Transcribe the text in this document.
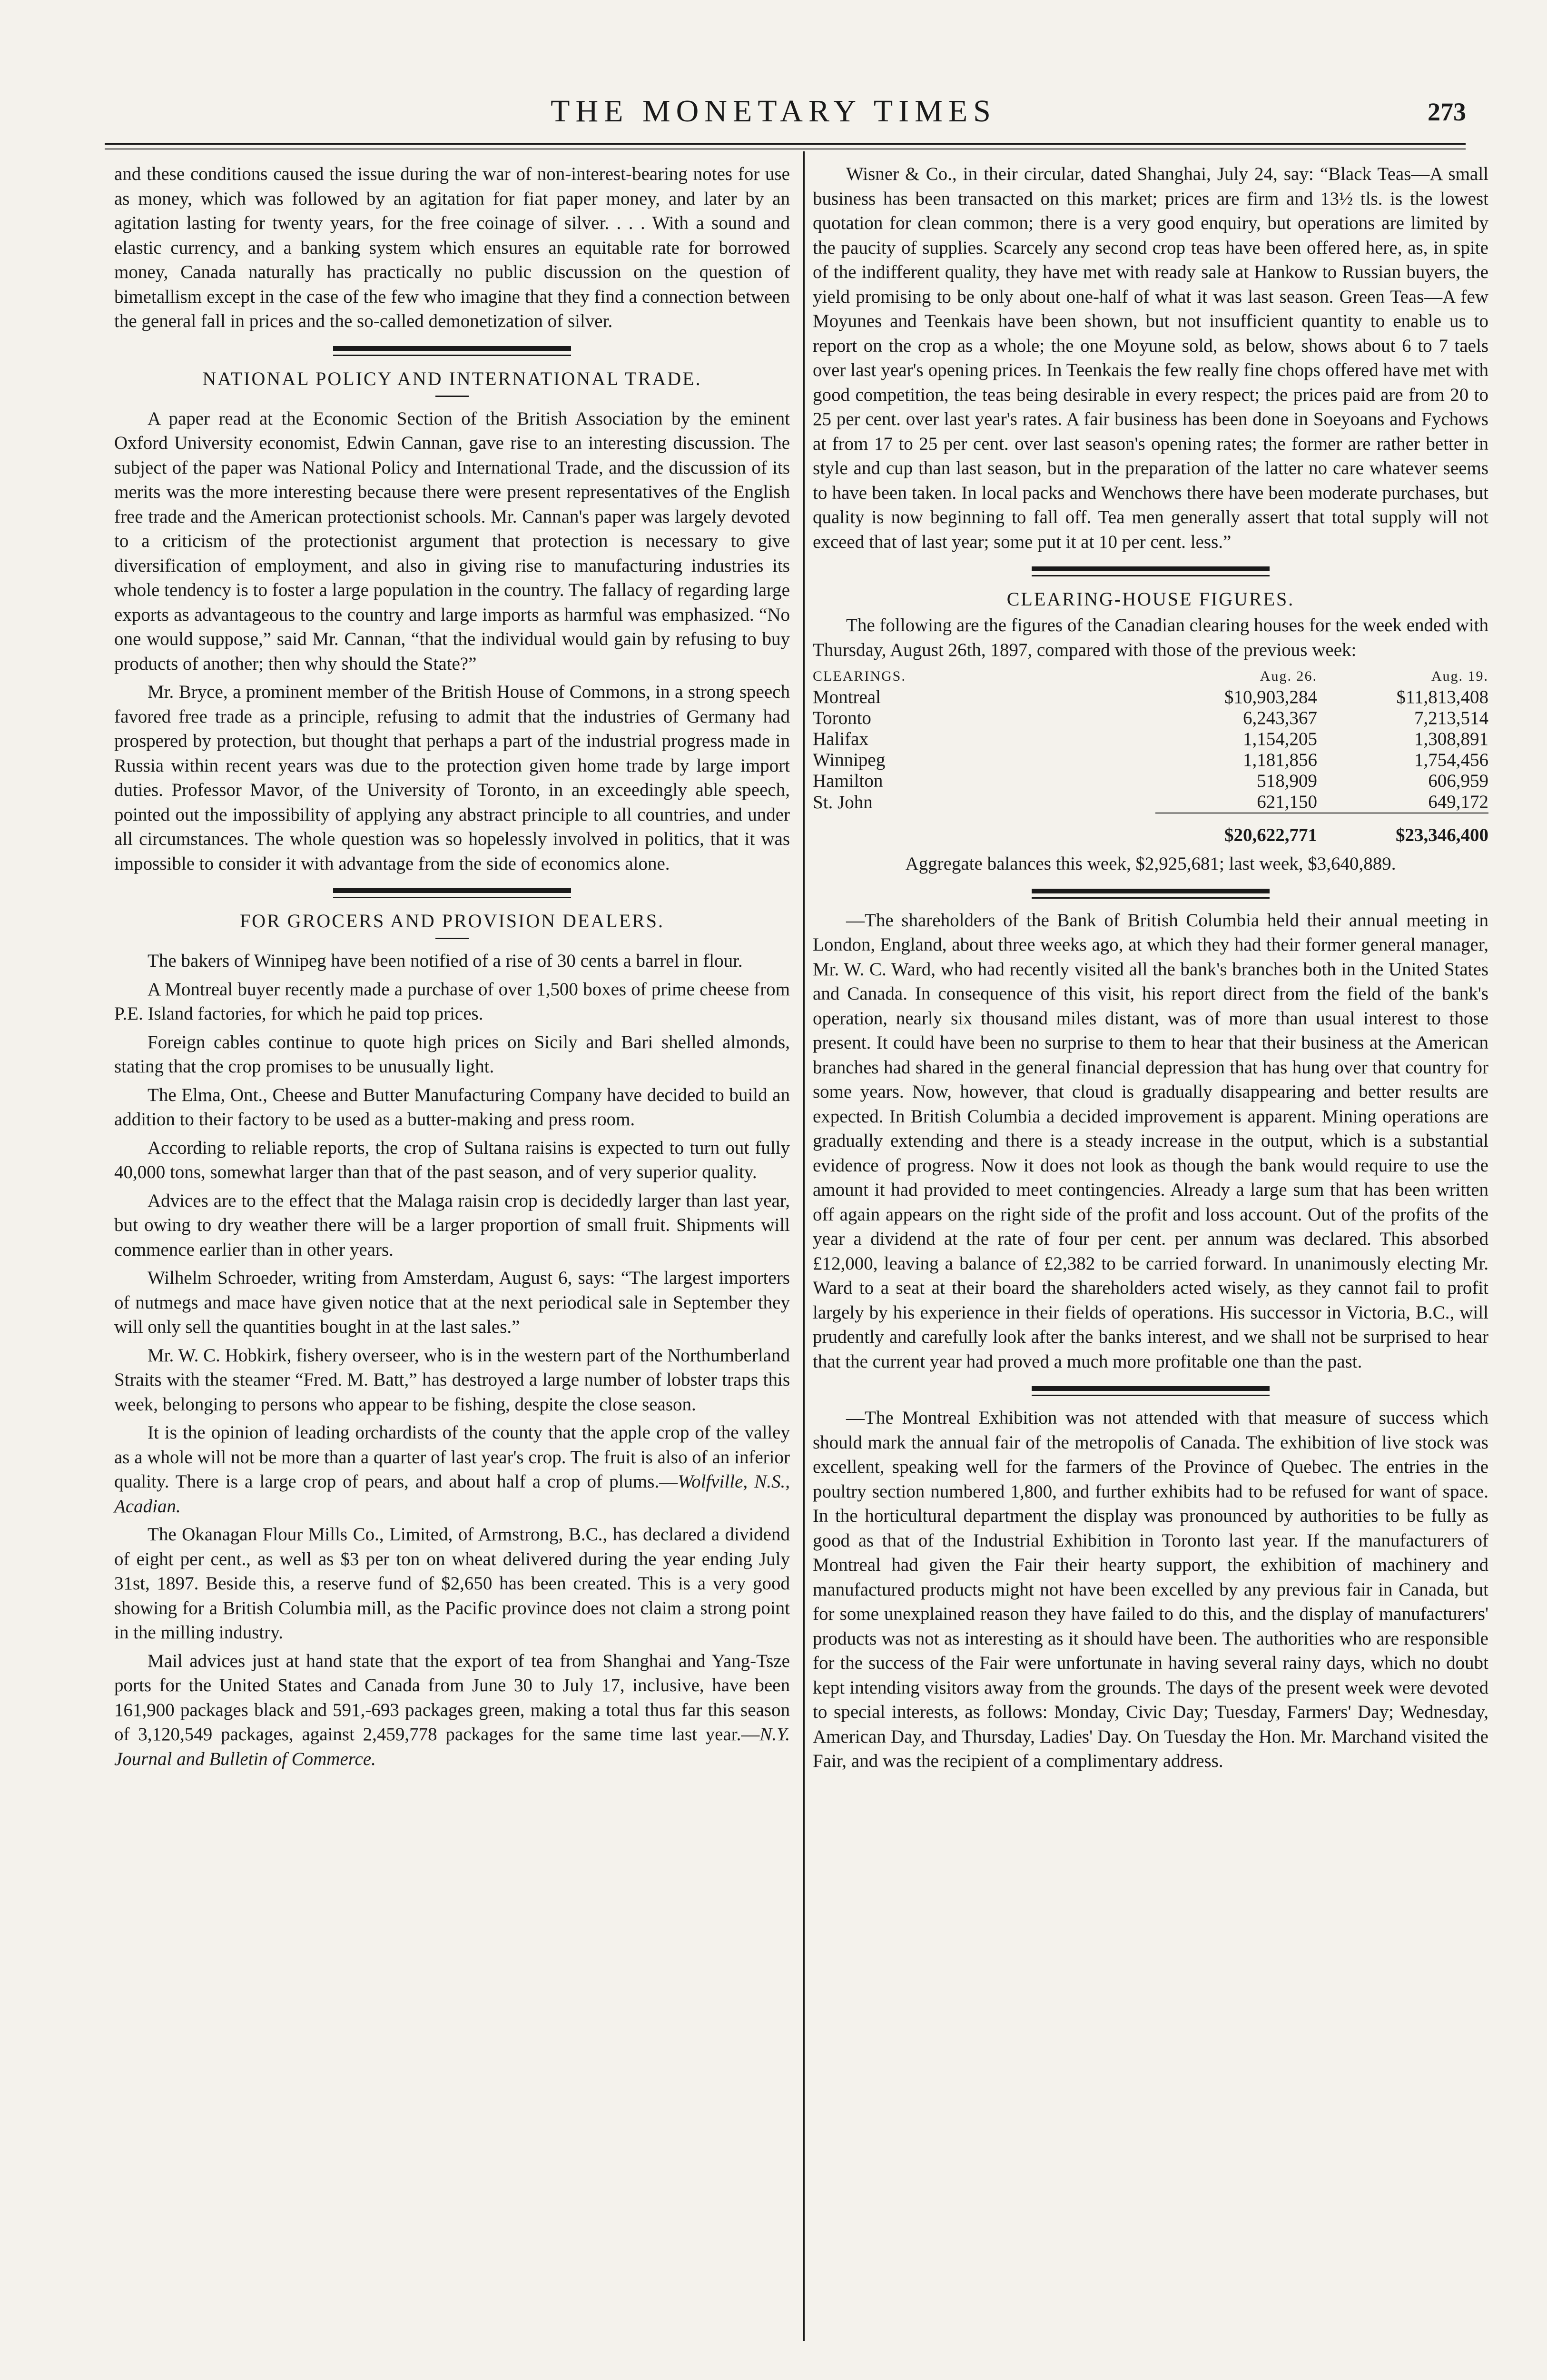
THE MONETARY TIMES	273

and these conditions caused the issue during the war of non-interest-bearing notes for use as money, which was followed by an agitation for fiat paper money, and later by an agitation lasting for twenty years, for the free coinage of silver. . . . With a sound and elastic currency, and a banking system which ensures an equitable rate for borrowed money, Canada naturally has practically no public discussion on the question of bimetallism except in the case of the few who imagine that they find a connection between the general fall in prices and the so-called demonetization of silver.

NATIONAL POLICY AND INTERNATIONAL TRADE.

A paper read at the Economic Section of the British Association by the eminent Oxford University economist, Edwin Cannan, gave rise to an interesting discussion. The subject of the paper was National Policy and International Trade, and the discussion of its merits was the more interesting because there were present representatives of the English free trade and the American protectionist schools. Mr. Cannan's paper was largely devoted to a criticism of the protectionist argument that protection is necessary to give diversification of employment, and also in giving rise to manufacturing industries its whole tendency is to foster a large population in the country. The fallacy of regarding large exports as advantageous to the country and large imports as harmful was emphasized. “No one would suppose,” said Mr. Cannan, “that the individual would gain by refusing to buy products of another; then why should the State?”

Mr. Bryce, a prominent member of the British House of Commons, in a strong speech favored free trade as a principle, refusing to admit that the industries of Germany had prospered by protection, but thought that perhaps a part of the industrial progress made in Russia within recent years was due to the protection given home trade by large import duties. Professor Mavor, of the University of Toronto, in an exceedingly able speech, pointed out the impossibility of applying any abstract principle to all countries, and under all circumstances. The whole question was so hopelessly involved in politics, that it was impossible to consider it with advantage from the side of economics alone.

FOR GROCERS AND PROVISION DEALERS.

The bakers of Winnipeg have been notified of a rise of 30 cents a barrel in flour.

A Montreal buyer recently made a purchase of over 1,500 boxes of prime cheese from P.E. Island factories, for which he paid top prices.

Foreign cables continue to quote high prices on Sicily and Bari shelled almonds, stating that the crop promises to be unusually light.

The Elma, Ont., Cheese and Butter Manufacturing Company have decided to build an addition to their factory to be used as a butter-making and press room.

According to reliable reports, the crop of Sultana raisins is expected to turn out fully 40,000 tons, somewhat larger than that of the past season, and of very superior quality.

Advices are to the effect that the Malaga raisin crop is decidedly larger than last year, but owing to dry weather there will be a larger proportion of small fruit. Shipments will commence earlier than in other years.

Wilhelm Schroeder, writing from Amsterdam, August 6, says: “The largest importers of nutmegs and mace have given notice that at the next periodical sale in September they will only sell the quantities bought in at the last sales.”

Mr. W. C. Hobkirk, fishery overseer, who is in the western part of the Northumberland Straits with the steamer “Fred. M. Batt,” has destroyed a large number of lobster traps this week, belonging to persons who appear to be fishing, despite the close season.

It is the opinion of leading orchardists of the county that the apple crop of the valley as a whole will not be more than a quarter of last year's crop. The fruit is also of an inferior quality. There is a large crop of pears, and about half a crop of plums.—Wolfville, N.S., Acadian.

The Okanagan Flour Mills Co., Limited, of Armstrong, B.C., has declared a dividend of eight per cent., as well as $3 per ton on wheat delivered during the year ending July 31st, 1897. Beside this, a reserve fund of $2,650 has been created. This is a very good showing for a British Columbia mill, as the Pacific province does not claim a strong point in the milling industry.

Mail advices just at hand state that the export of tea from Shanghai and Yang-Tsze ports for the United States and Canada from June 30 to July 17, inclusive, have been 161,900 packages black and 591,-693 packages green, making a total thus far this season of 3,120,549 packages, against 2,459,778 packages for the same time last year.—N.Y. Journal and Bulletin of Commerce.

Wisner & Co., in their circular, dated Shanghai, July 24, say: “Black Teas—A small business has been transacted on this market; prices are firm and 13½ tls. is the lowest quotation for clean common; there is a very good enquiry, but operations are limited by the paucity of supplies. Scarcely any second crop teas have been offered here, as, in spite of the indifferent quality, they have met with ready sale at Hankow to Russian buyers, the yield promising to be only about one-half of what it was last season. Green Teas—A few Moyunes and Teenkais have been shown, but not insufficient quantity to enable us to report on the crop as a whole; the one Moyune sold, as below, shows about 6 to 7 taels over last year's opening prices. In Teenkais the few really fine chops offered have met with good competition, the teas being desirable in every respect; the prices paid are from 20 to 25 per cent. over last year's rates. A fair business has been done in Soeyoans and Fychows at from 17 to 25 per cent. over last season's opening rates; the former are rather better in style and cup than last season, but in the preparation of the latter no care whatever seems to have been taken. In local packs and Wenchows there have been moderate purchases, but quality is now beginning to fall off. Tea men generally assert that total supply will not exceed that of last year; some put it at 10 per cent. less.”

CLEARING-HOUSE FIGURES.

The following are the figures of the Canadian clearing houses for the week ended with Thursday, August 26th, 1897, compared with those of the previous week:

CLEARINGS.	Aug. 26.	Aug. 19.
Montreal	$10,903,284	$11,813,408
Toronto	6,243,367	7,213,514
Halifax	1,154,205	1,308,891
Winnipeg	1,181,856	1,754,456
Hamilton	518,909	606,959
St. John	621,150	649,172
	$20,622,771	$23,346,400

Aggregate balances this week, $2,925,681; last week, $3,640,889.

—The shareholders of the Bank of British Columbia held their annual meeting in London, England, about three weeks ago, at which they had their former general manager, Mr. W. C. Ward, who had recently visited all the bank's branches both in the United States and Canada. In consequence of this visit, his report direct from the field of the bank's operation, nearly six thousand miles distant, was of more than usual interest to those present. It could have been no surprise to them to hear that their business at the American branches had shared in the general financial depression that has hung over that country for some years. Now, however, that cloud is gradually disappearing and better results are expected. In British Columbia a decided improvement is apparent. Mining operations are gradually extending and there is a steady increase in the output, which is a substantial evidence of progress. Now it does not look as though the bank would require to use the amount it had provided to meet contingencies. Already a large sum that has been written off again appears on the right side of the profit and loss account. Out of the profits of the year a dividend at the rate of four per cent. per annum was declared. This absorbed £12,000, leaving a balance of £2,382 to be carried forward. In unanimously electing Mr. Ward to a seat at their board the shareholders acted wisely, as they cannot fail to profit largely by his experience in their fields of operations. His successor in Victoria, B.C., will prudently and carefully look after the banks interest, and we shall not be surprised to hear that the current year had proved a much more profitable one than the past.

—The Montreal Exhibition was not attended with that measure of success which should mark the annual fair of the metropolis of Canada. The exhibition of live stock was excellent, speaking well for the farmers of the Province of Quebec. The entries in the poultry section numbered 1,800, and further exhibits had to be refused for want of space. In the horticultural department the display was pronounced by authorities to be fully as good as that of the Industrial Exhibition in Toronto last year. If the manufacturers of Montreal had given the Fair their hearty support, the exhibition of machinery and manufactured products might not have been excelled by any previous fair in Canada, but for some unexplained reason they have failed to do this, and the display of manufacturers' products was not as interesting as it should have been. The authorities who are responsible for the success of the Fair were unfortunate in having several rainy days, which no doubt kept intending visitors away from the grounds. The days of the present week were devoted to special interests, as follows: Monday, Civic Day; Tuesday, Farmers' Day; Wednesday, American Day, and Thursday, Ladies' Day. On Tuesday the Hon. Mr. Marchand visited the Fair, and was the recipient of a complimentary address.
